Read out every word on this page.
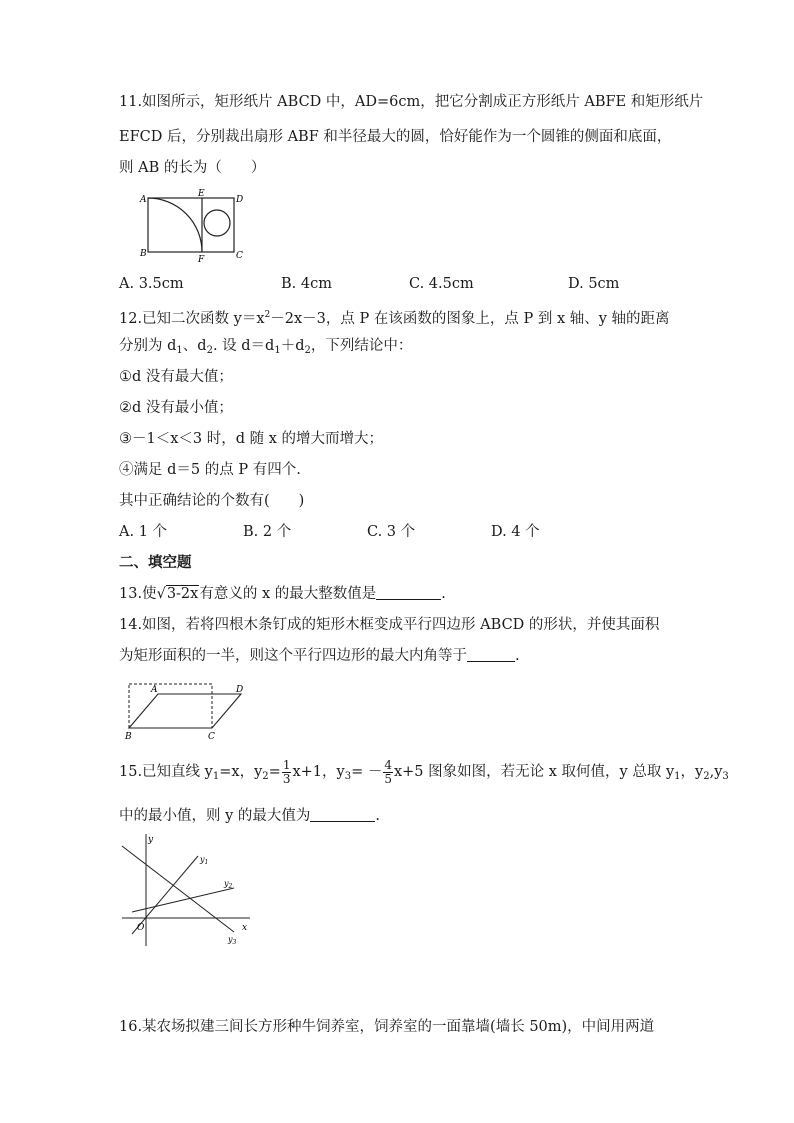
11.如图所示，矩形纸片 ABCD 中，AD=6cm，把它分割成正方形纸片 ABFE 和矩形纸片
EFCD 后，分别裁出扇形 ABF 和半径最大的圆，恰好能作为一个圆锥的侧面和底面，
则 AB 的长为（　　）
A
B
E
D
F	C
A. 3.5cm	B. 4cm	C. 4.5cm	D. 5cm
12.已知二次函数 $y=x^2-2x-3$，点 P 在该函数的图象上，点 P 到 x 轴、y 轴的距离
分别为 $d_1$、$d_2$. 设 $d=d_1+d_2$，下列结论中：
①d 没有最大值；
②d 没有最小值；
③－1＜x＜3 时，d 随 x 的增大而增大；
④满足 d＝5 的点 P 有四个.
其中正确结论的个数有(　　)
A. 1 个	B. 2 个	C. 3 个	D. 4 个
二、填空题
13.使√3-2x有意义的 x 的最大整数值是	.
14.如图，若将四根木条钉成的矩形木框变成平行四边形 ABCD 的形状，并使其面积
为矩形面积的一半，则这个平行四边形的最大内角等于	.
A	D
B	C
15.已知直线 $y_1=x$，$y_2= \frac{1}{3} x+1$，$y_3= - \frac{4}{5} x+5$ 图象如图，若无论 x 取何值，y 总取 $y_1$，$y_2,y_3$
中的最小值，则 y 的最大值为	.
y
x
O
$y_1$
$y_2$
$y_3$
16.某农场拟建三间长方形种牛饲养室，饲养室的一面靠墙(墙长 50m)，中间用两道
